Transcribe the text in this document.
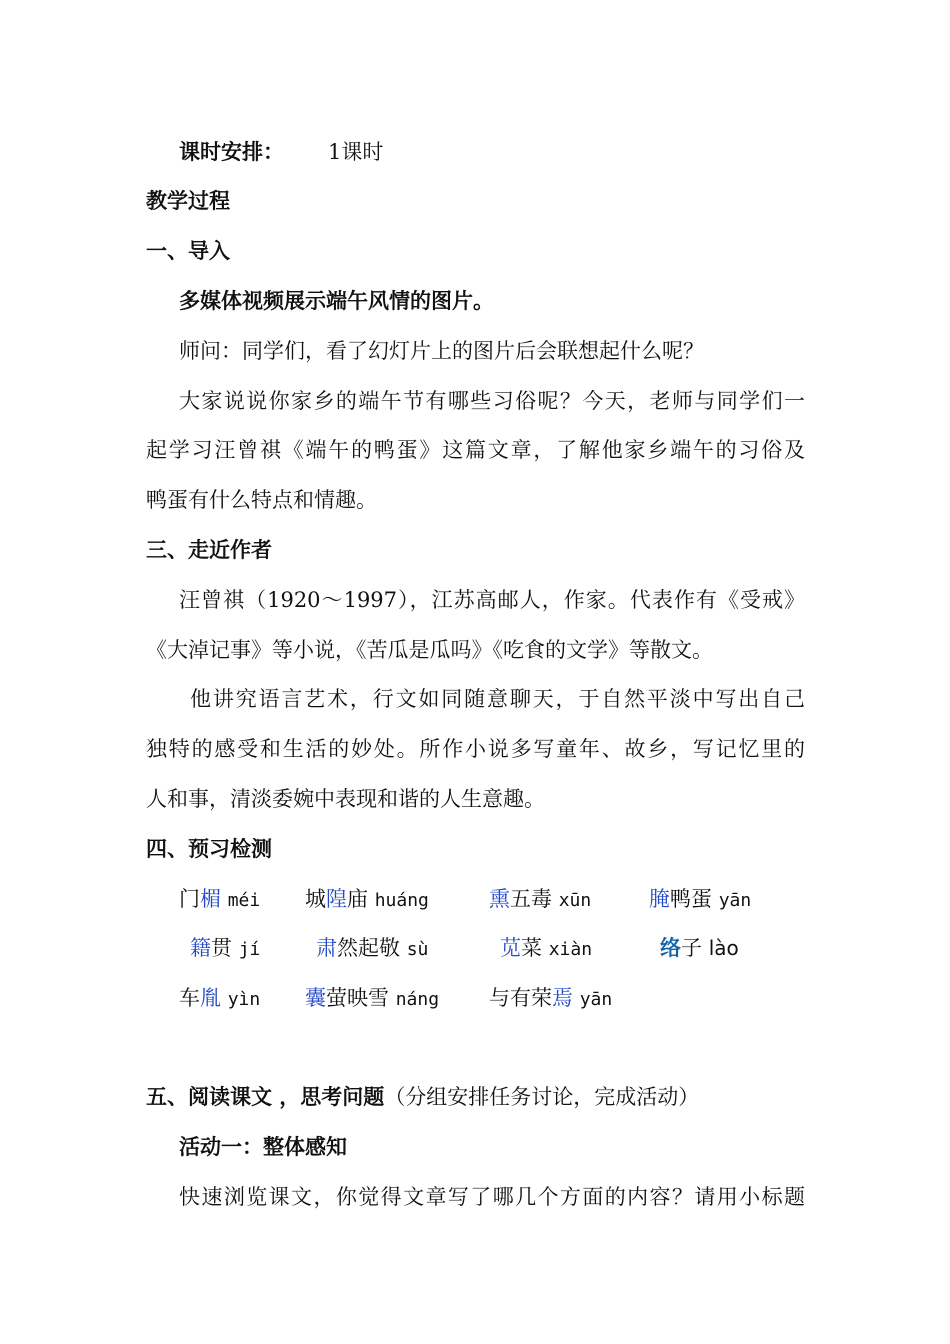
课时安排： 1课时
教学过程
一、导入
多媒体视频展示端午风情的图片。
师问：同学们，看了幻灯片上的图片后会联想起什么呢？
大家说说你家乡的端午节有哪些习俗呢？今天，老师与同学们一
起学习汪曾祺《端午的鸭蛋》这篇文章，了解他家乡端午的习俗及
鸭蛋有什么特点和情趣。
三、走近作者
汪曾祺（1920～1997），江苏高邮人，作家。代表作有《受戒》
《大淖记事》等小说，《苦瓜是瓜吗》《吃食的文学》等散文。
他讲究语言艺术，行文如同随意聊天，于自然平淡中写出自己
独特的感受和生活的妙处。所作小说多写童年、故乡，写记忆里的
人和事，清淡委婉中表现和谐的人生意趣。
四、预习检测
门楣 méi 城隍庙 huáng	熏五毒 xūn	腌鸭蛋 yān
籍贯 jí	肃然起敬 sù	苋菜 xiàn	络子 lào
车胤 yìn 囊萤映雪 náng 与有荣焉 yān
五、阅读课文 ，思考问题（分组安排任务讨论，完成活动）
活动一：整体感知
快速浏览课文，你觉得文章写了哪几个方面的内容？请用小标题
